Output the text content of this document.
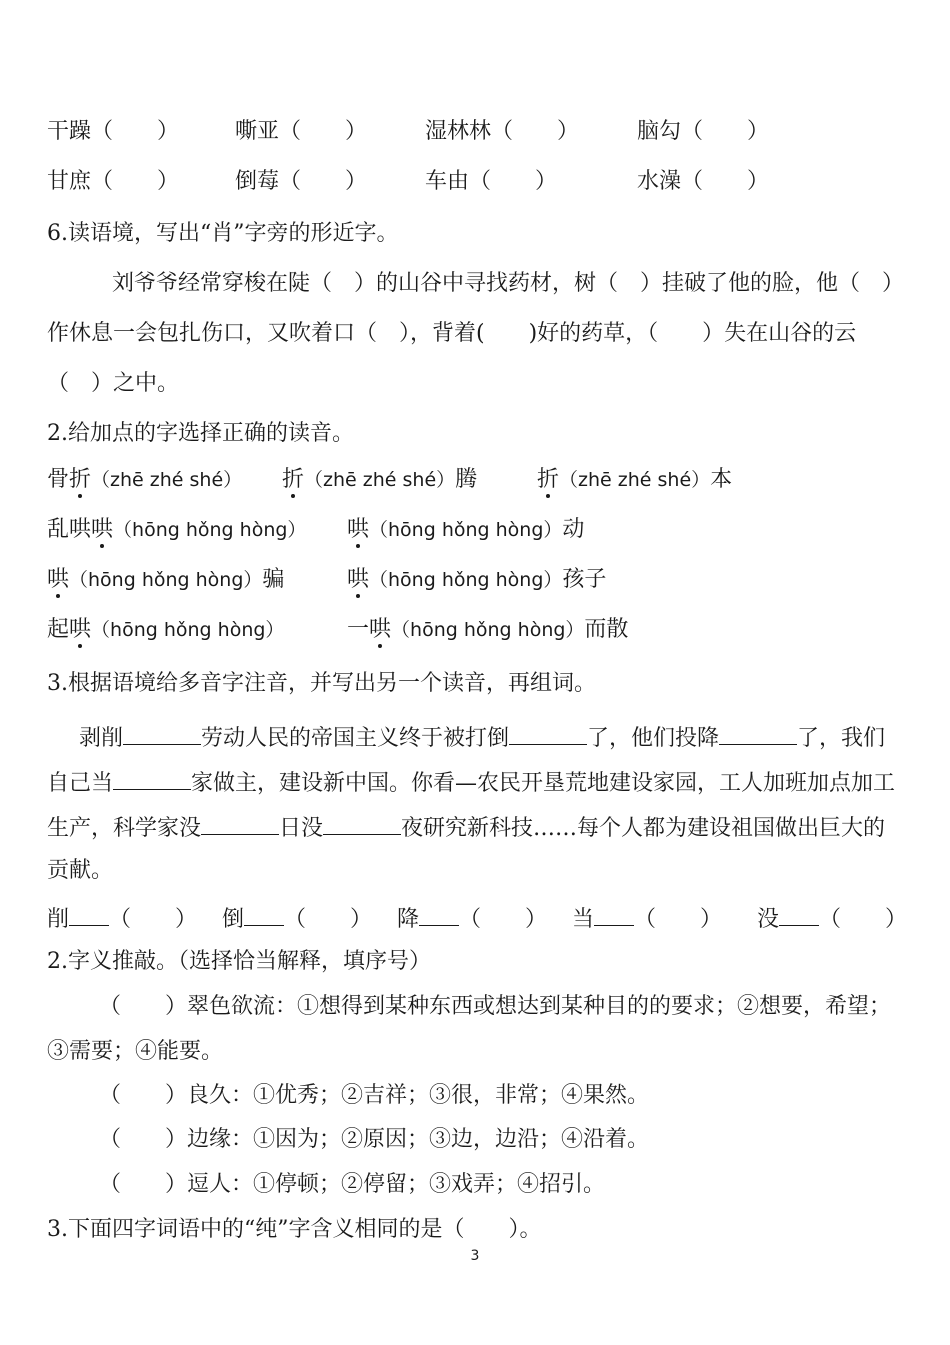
干躁（　　）	嘶亚（　　）	湿林林（　　）	脑勾（　　）
甘庶（　　）	倒莓（　　）	车由（　　）	水澡（　　）
6.读语境，写出“肖”字旁的形近字。
刘爷爷经常穿梭在陡（　）的山谷中寻找药材，树（　）挂破了他的脸，他（　）
作休息一会包扎伤口，又吹着口（　），背着(　　)好的药草，（　　）失在山谷的云
（　）之中。
2.给加点的字选择正确的读音。
骨折（zhē zhé shé）	折（zhē zhé shé）腾	折（zhē zhé shé）本
乱哄哄（hōng hǒng hòng）	哄（hōng hǒng hòng）动
哄（hōng hǒng hòng）骗	哄（hōng hǒng hòng）孩子
起哄（hōng hǒng hòng）	一哄（hōng hǒng hòng）而散
3.根据语境给多音字注音，并写出另一个读音，再组词。
剥削	劳动人民的帝国主义终于被打倒	了，他们投降	了，我们
自己当	家做主，建设新中国。你看—农民开垦荒地建设家园，工人加班加点加工
生产，科学家没	日没	夜研究新科技……每个人都为建设祖国做出巨大的
贡献。
削 （　　）	倒 （　　）	降 （　　）	当 （　　）	没 （　　）
2.字义推敲。（选择恰当解释，填序号）
（　　）翠色欲流：①想得到某种东西或想达到某种目的的要求；②想要，希望；
③需要；④能要。
（　　）良久：①优秀；②吉祥；③很，非常；④果然。
（　　）边缘：①因为；②原因；③边，边沿；④沿着。
（　　）逗人：①停顿；②停留；③戏弄；④招引。
3.下面四字词语中的“纯”字含义相同的是（　　）。
3
